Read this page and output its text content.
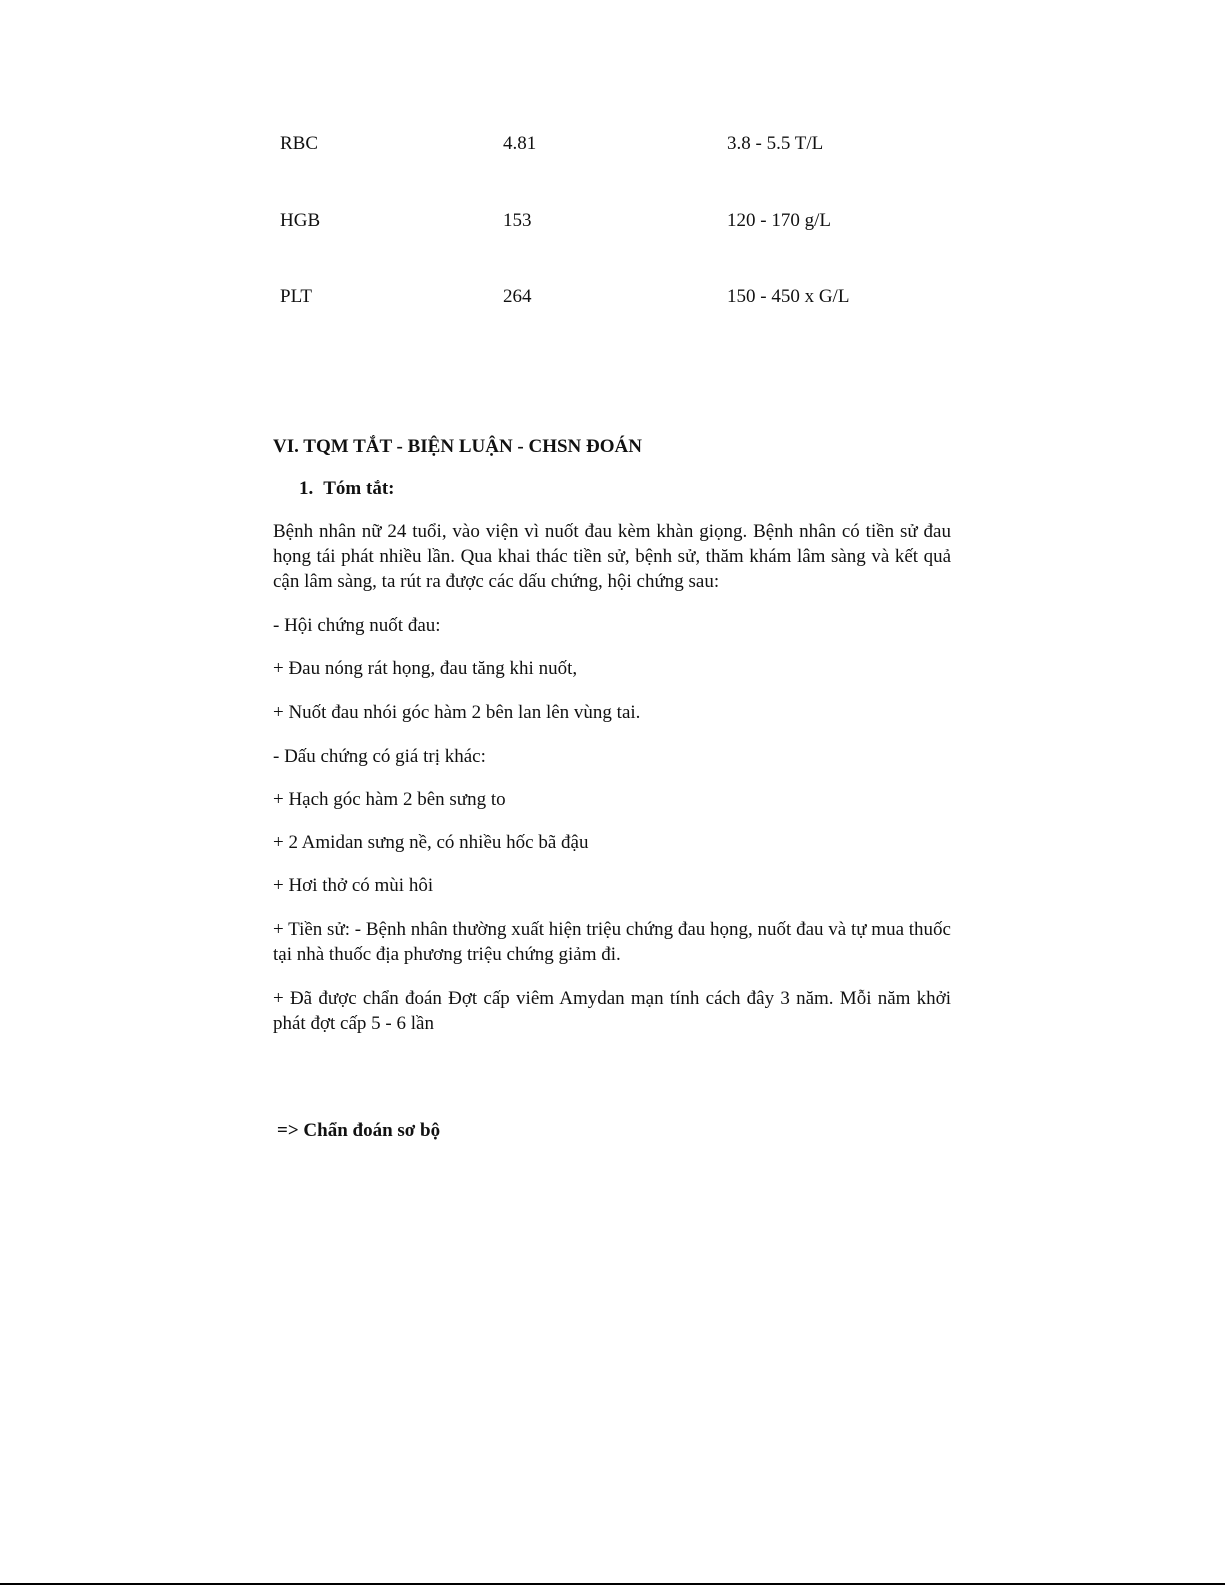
RBC	4.81	3.8 - 5.5 T/L
HGB	153	120 - 170 g/L
PLT	264	150 - 450 x G/L
VI. TQM TẮT - BIỆN LUẬN - CHSN ĐOÁN
1. Tóm tắt:

Bệnh nhân nữ 24 tuổi, vào viện vì nuốt đau kèm khàn giọng. Bệnh nhân có tiền sử đau họng tái phát nhiều lần. Qua khai thác tiền sử, bệnh sử, thăm khám lâm sàng và kết quả cận lâm sàng, ta rút ra được các dấu chứng, hội chứng sau:

- Hội chứng nuốt đau:

+ Đau nóng rát họng, đau tăng khi nuốt,

+ Nuốt đau nhói góc hàm 2 bên lan lên vùng tai.

- Dấu chứng có giá trị khác:

+ Hạch góc hàm 2 bên sưng to

+ 2 Amidan sưng nề, có nhiều hốc bã đậu

+ Hơi thở có mùi hôi

+ Tiền sử: - Bệnh nhân thường xuất hiện triệu chứng đau họng, nuốt đau và tự mua thuốc tại nhà thuốc địa phương triệu chứng giảm đi.

+ Đã được chẩn đoán Đợt cấp viêm Amydan mạn tính cách đây 3 năm. Mỗi năm khởi phát đợt cấp 5 - 6 lần

=> Chẩn đoán sơ bộ
